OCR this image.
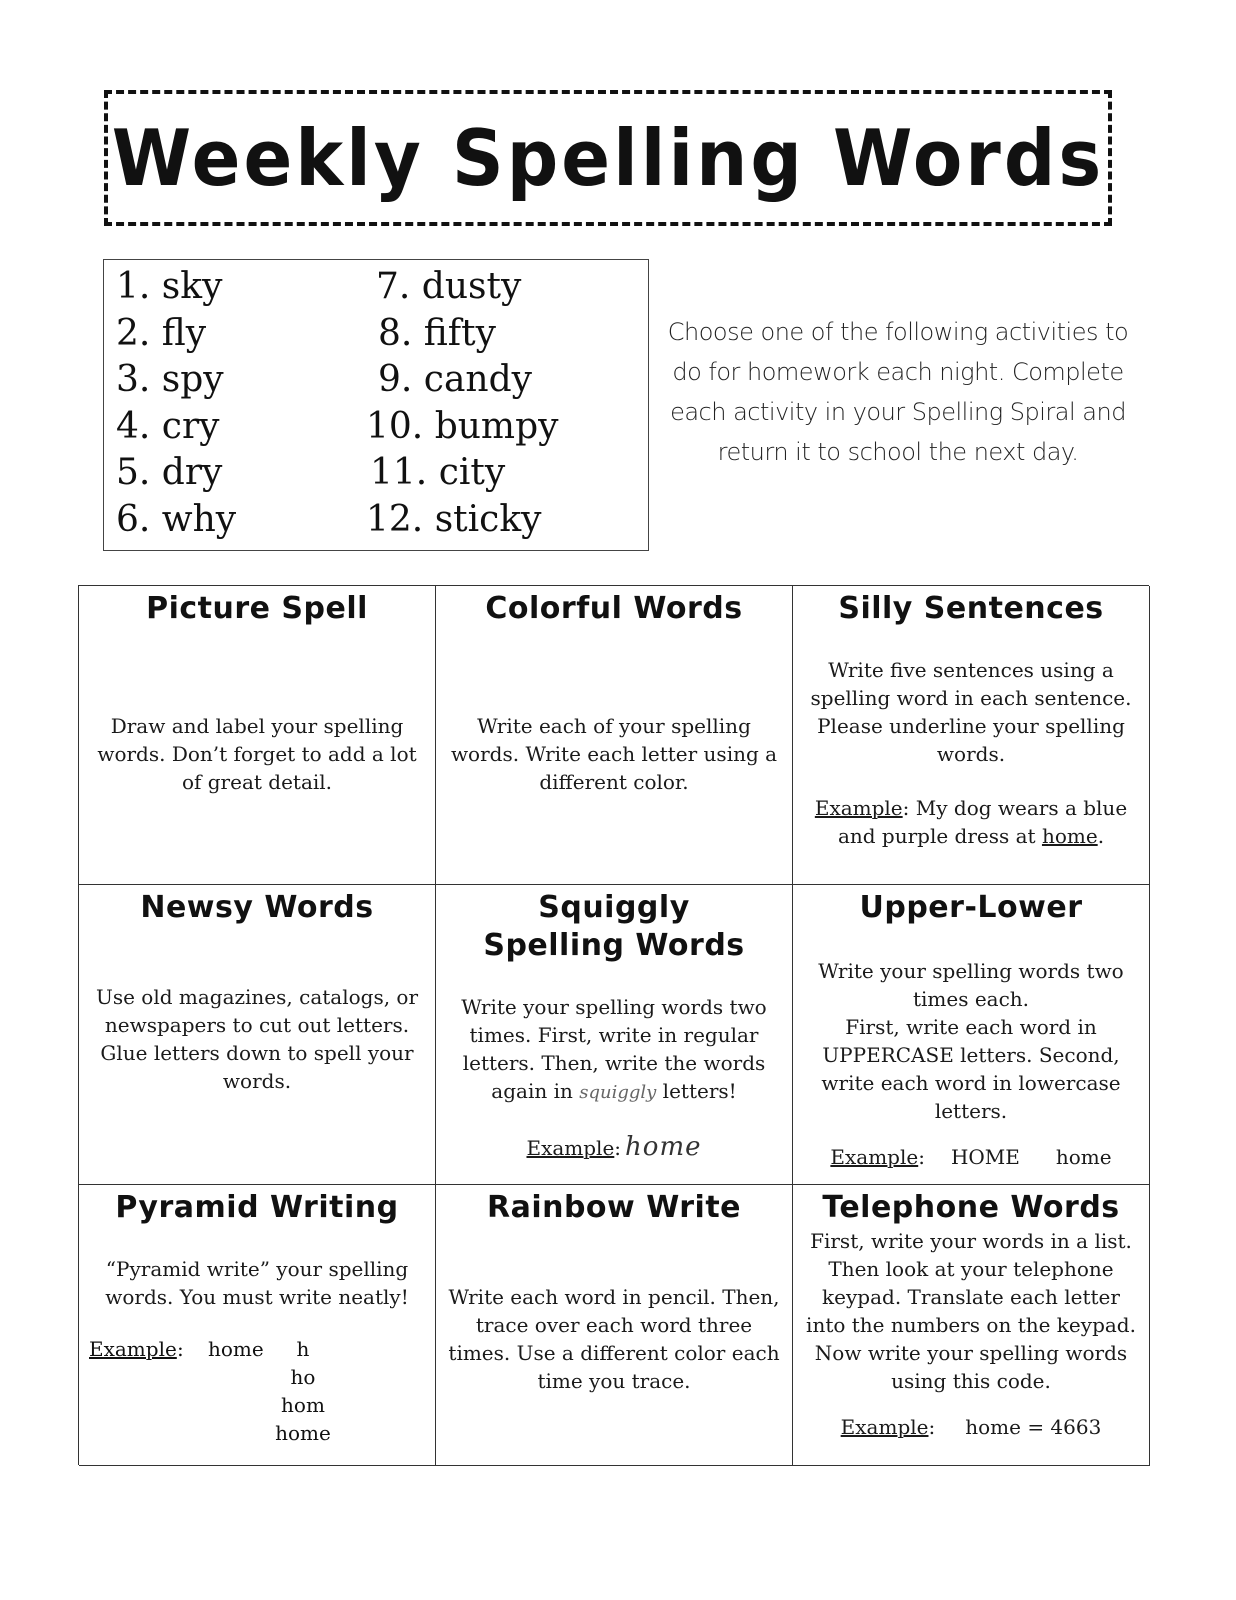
Weekly Spelling Words
1. sky
2. fly
3. spy
4. cry
5. dry
6. why
7. dusty
8. fifty
9. candy
10. bumpy
11. city
12. sticky
Choose one of the following activities to do for homework each night. Complete each activity in your Spelling Spiral and return it to school the next day.
Picture Spell
Draw and label your spelling words. Don’t forget to add a lot of great detail.
Colorful Words
Write each of your spelling words. Write each letter using a different color.
Silly Sentences
Write five sentences using a spelling word in each sentence. Please underline your spelling words.
Example: My dog wears a blue and purple dress at home.
Newsy Words
Use old magazines, catalogs, or newspapers to cut out letters. Glue letters down to spell your words.
Squiggly Spelling Words
Write your spelling words two times. First, write in regular letters. Then, write the words again in squiggly letters!
Example: home
Upper-Lower
Write your spelling words two times each.
First, write each word in UPPERCASE letters. Second, write each word in lowercase letters.
Example: HOME home
Pyramid Writing
“Pyramid write” your spelling words. You must write neatly!
Example : home	h
ho
hom
home
Rainbow Write
Write each word in pencil. Then, trace over each word three times. Use a different color each time you trace.
Telephone Words
First, write your words in a list. Then look at your telephone keypad. Translate each letter into the numbers on the keypad. Now write your spelling words using this code.
Example: home = 4663
